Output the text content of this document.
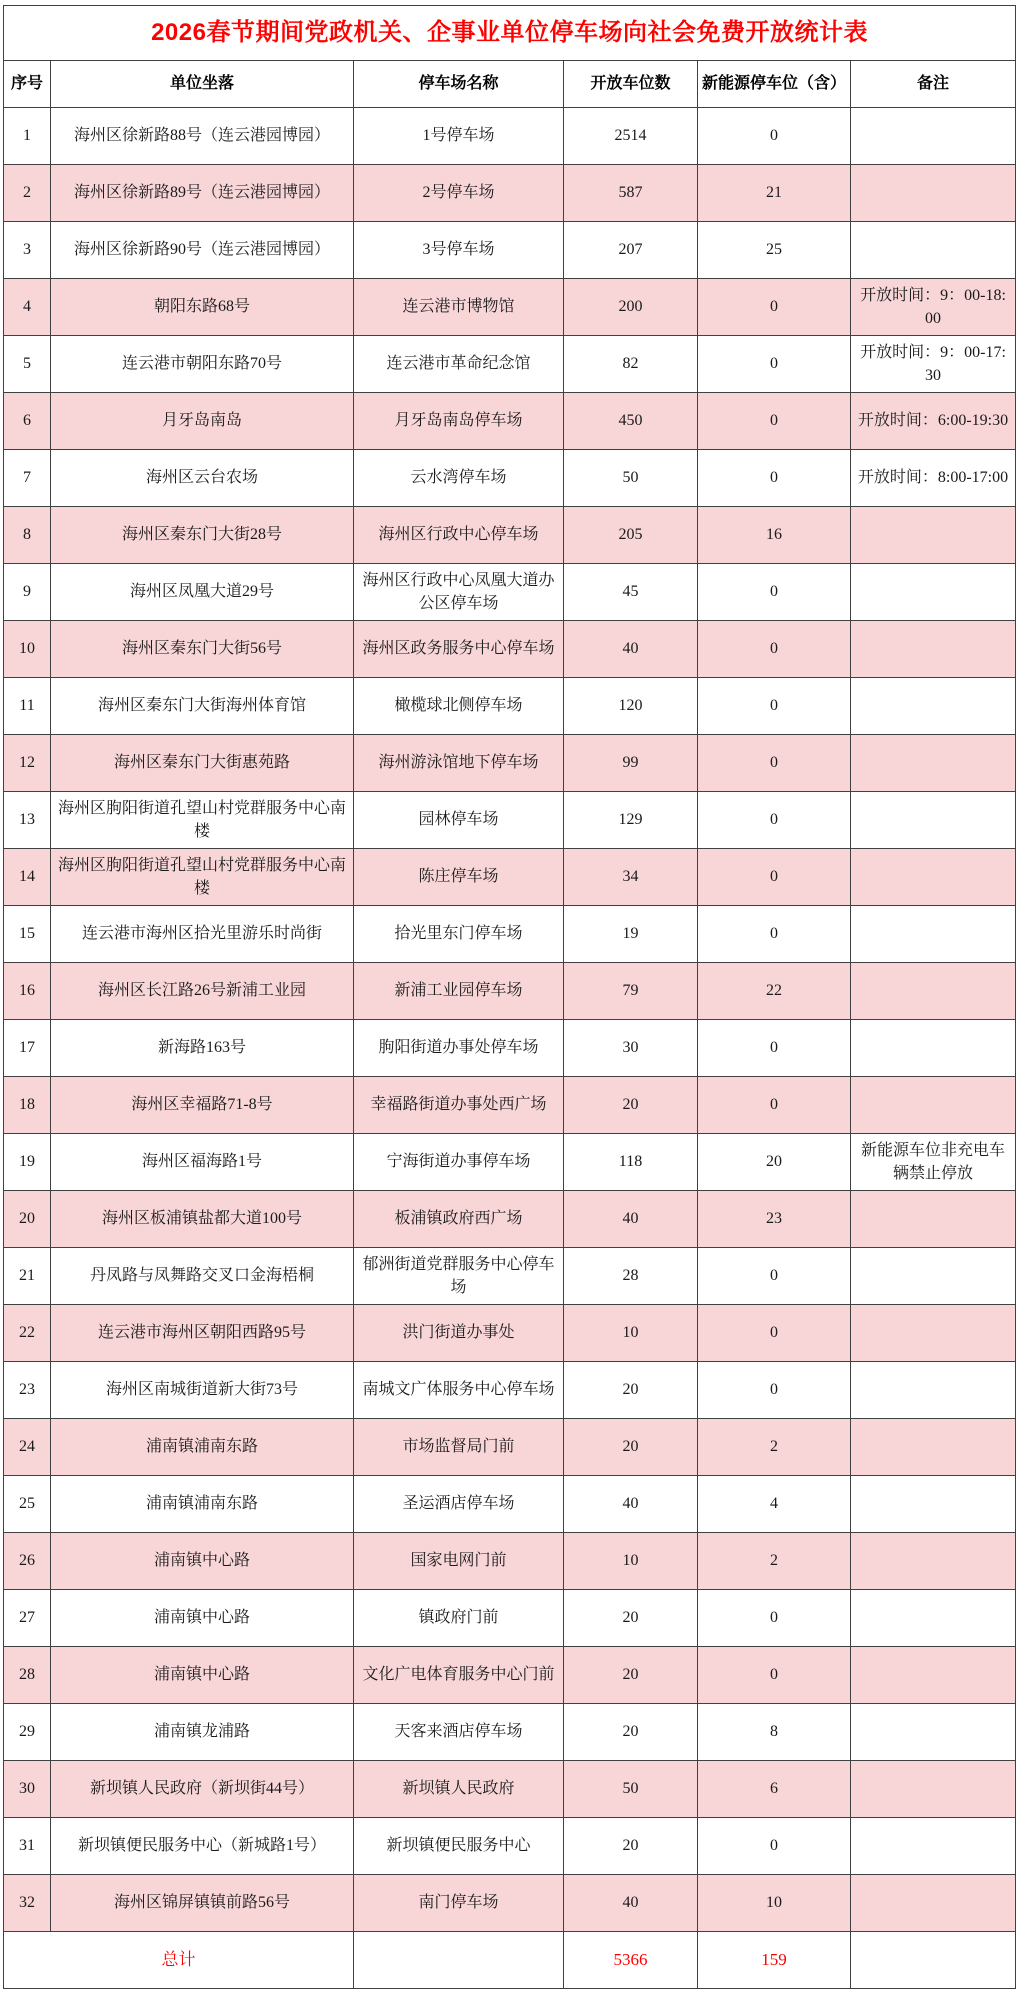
2026春节期间党政机关、企事业单位停车场向社会免费开放统计表					
序号	单位坐落	停车场名称	开放车位数	新能源停车位（含）	备注
1	海州区徐新路88号（连云港园博园）	1号停车场	2514	0	
2	海州区徐新路89号（连云港园博园）	2号停车场	587	21	
3	海州区徐新路90号（连云港园博园）	3号停车场	207	25	
4	朝阳东路68号	连云港市博物馆	200	0	开放时间：9：00-18:00
5	连云港市朝阳东路70号	连云港市革命纪念馆	82	0	开放时间：9：00-17:30
6	月牙岛南岛	月牙岛南岛停车场	450	0	开放时间：6:00-19:30
7	海州区云台农场	云水湾停车场	50	0	开放时间：8:00-17:00
8	海州区秦东门大街28号	海州区行政中心停车场	205	16	
9	海州区凤凰大道29号	海州区行政中心凤凰大道办公区停车场	45	0	
10	海州区秦东门大街56号	海州区政务服务中心停车场	40	0	
11	海州区秦东门大街海州体育馆	橄榄球北侧停车场	120	0	
12	海州区秦东门大街惠苑路	海州游泳馆地下停车场	99	0	
13	海州区朐阳街道孔望山村党群服务中心南楼	园林停车场	129	0	
14	海州区朐阳街道孔望山村党群服务中心南楼	陈庄停车场	34	0	
15	连云港市海州区拾光里游乐时尚街	拾光里东门停车场	19	0	
16	海州区长江路26号新浦工业园	新浦工业园停车场	79	22	
17	新海路163号	朐阳街道办事处停车场	30	0	
18	海州区幸福路71-8号	幸福路街道办事处西广场	20	0	
19	海州区福海路1号	宁海街道办事停车场	118	20	新能源车位非充电车辆禁止停放
20	海州区板浦镇盐都大道100号	板浦镇政府西广场	40	23	
21	丹凤路与凤舞路交叉口金海梧桐	郁洲街道党群服务中心停车场	28	0	
22	连云港市海州区朝阳西路95号	洪门街道办事处	10	0	
23	海州区南城街道新大街73号	南城文广体服务中心停车场	20	0	
24	浦南镇浦南东路	市场监督局门前	20	2	
25	浦南镇浦南东路	圣运酒店停车场	40	4	
26	浦南镇中心路	国家电网门前	10	2	
27	浦南镇中心路	镇政府门前	20	0	
28	浦南镇中心路	文化广电体育服务中心门前	20	0	
29	浦南镇龙浦路	天客来酒店停车场	20	8	
30	新坝镇人民政府（新坝街44号）	新坝镇人民政府	50	6	
31	新坝镇便民服务中心（新城路1号）	新坝镇便民服务中心	20	0	
32	海州区锦屏镇镇前路56号	南门停车场	40	10	
总计			5366	159	
